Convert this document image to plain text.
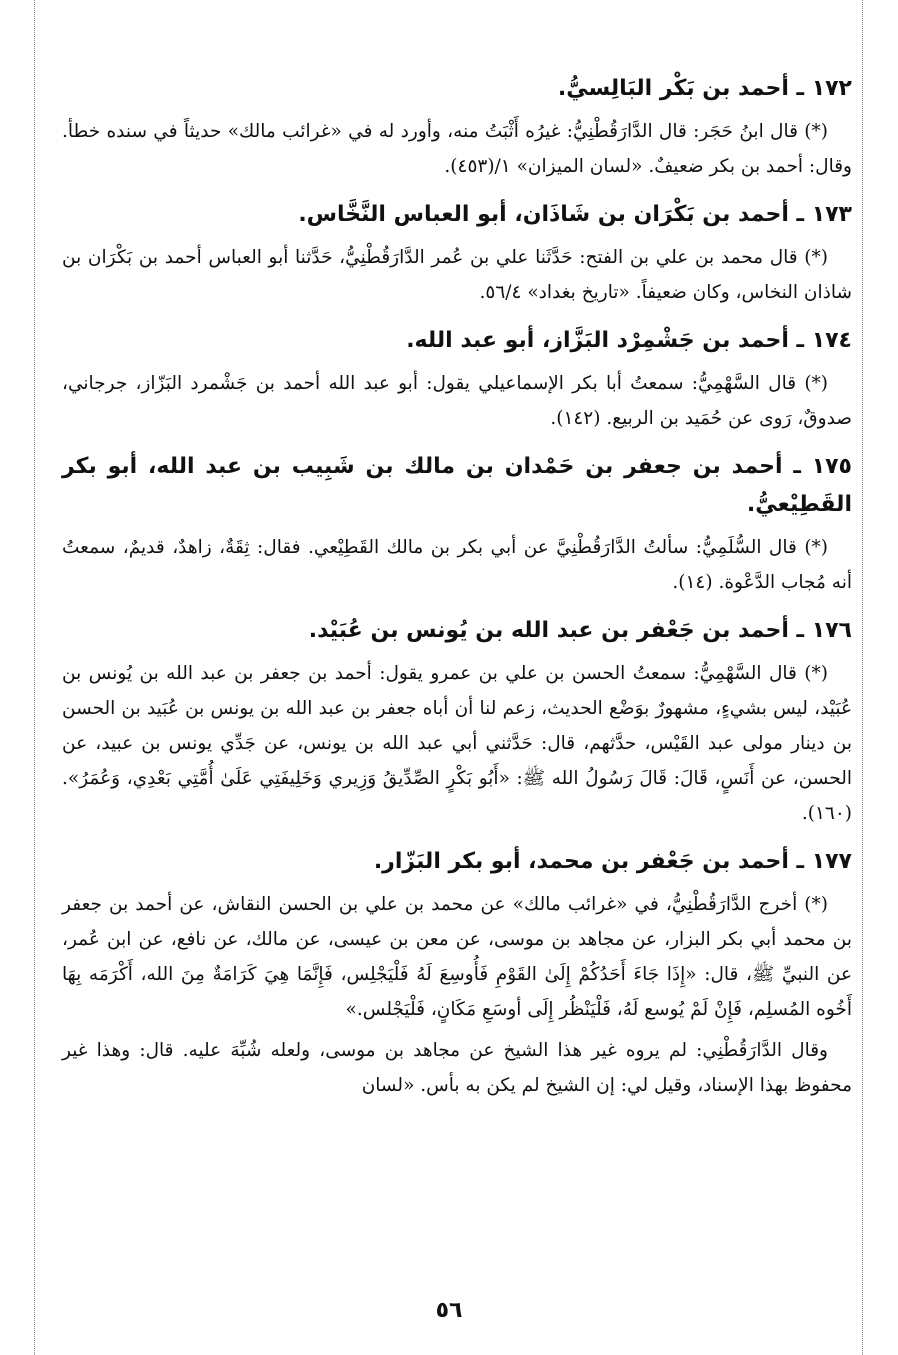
١٧٢ ـ أحمد بن بَكْر البَالِسيُّ.

(*) قال ابنُ حَجَر: قال الدَّارَقُطْنِيُّ: غيرُه أَثْبَتُ منه، وأورد له في «غرائب مالك» حديثاً في سنده خطأ. وقال: أحمد بن بكر ضعيفٌ. «لسان الميزان» ١/(٤٥٣).

١٧٣ ـ أحمد بن بَكْرَان بن شَاذَان، أبو العباس النَّخَّاس.

(*) قال محمد بن علي بن الفتح: حَدَّثَنا علي بن عُمر الدَّارَقُطْنِيُّ، حَدَّثنا أبو العباس أحمد بن بَكْرَان بن شاذان النخاس، وكان ضعيفاً. «تاريخ بغداد» ٥٦/٤.

١٧٤ ـ أحمد بن جَشْمِرْد البَزَّاز، أبو عبد الله.

(*) قال السَّهْمِيُّ: سمعتُ أبا بكر الإسماعيلي يقول: أبو عبد الله أحمد بن جَشْمرد البَزّاز، جرجاني، صدوقٌ، رَوى عن حُمَيد بن الربيع. (١٤٢).

١٧٥ ـ أحمد بن جعفر بن حَمْدان بن مالك بن شَبِيب بن عبد الله، أبو بكر القَطِيْعيُّ.

(*) قال السُّلَمِيُّ: سألتُ الدَّارَقُطْنِيَّ عن أبي بكر بن مالك القَطِيْعي. فقال: ثِقَةٌ، زاهدٌ، قديمٌ، سمعتُ أنه مُجاب الدَّعْوة. (١٤).

١٧٦ ـ أحمد بن جَعْفر بن عبد الله بن يُونس بن عُبَيْد.

(*) قال السَّهْمِيُّ: سمعتُ الحسن بن علي بن عمرو يقول: أحمد بن جعفر بن عبد الله بن يُونس بن عُبَيْد، ليس بشيءٍ، مشهورٌ بوَضْع الحديث، زعم لنا أن أباه جعفر بن عبد الله بن يونس بن عُبَيد بن الحسن بن دينار مولى عبد القَيْس، حدَّثهم، قال: حَدَّثني أبي عبد الله بن يونس، عن جَدِّي يونس بن عبيد، عن الحسن، عن أَنَسٍ، قَالَ: قَالَ رَسُولُ الله ﷺ: «أَبُو بَكْرٍ الصِّدِّيقُ وَزِيري وَخَلِيفَتِي عَلَىٰ أُمَّتِي بَعْدِي، وَعُمَرُ». (١٦٠).

١٧٧ ـ أحمد بن جَعْفر بن محمد، أبو بكر البَزّار.

(*) أخرج الدَّارَقُطْنِيُّ، في «غرائب مالك» عن محمد بن علي بن الحسن النقاش، عن أحمد بن جعفر بن محمد أبي بكر البزار، عن مجاهد بن موسى، عن معن بن عيسى، عن مالك، عن نافع، عن ابن عُمر، عن النبيِّ ﷺ، قال: «إِذَا جَاءَ أَحَدُكُمْ إِلَىٰ القَوْمِ فَأُوسِعَ لَهُ فَلْيَجْلِس، فَإِنَّمَا هِيَ كَرَامَةٌ مِنَ الله، أَكْرَمَه بِهَا أَخُوه المُسلِم، فَإِنْ لَمْ يُوسع لَهُ، فَلْيَنْظُر إِلَى أوسَعِ مَكَانٍ، فَلْيَجْلس.»

وقال الدَّارَقُطْنِي: لم يروه غير هذا الشيخ عن مجاهد بن موسى، ولعله شُبِّهَ عليه. قال: وهذا غير محفوظ بهذا الإسناد، وقيل لي: إن الشيخ لم يكن به بأس. «لسان

٥٦
